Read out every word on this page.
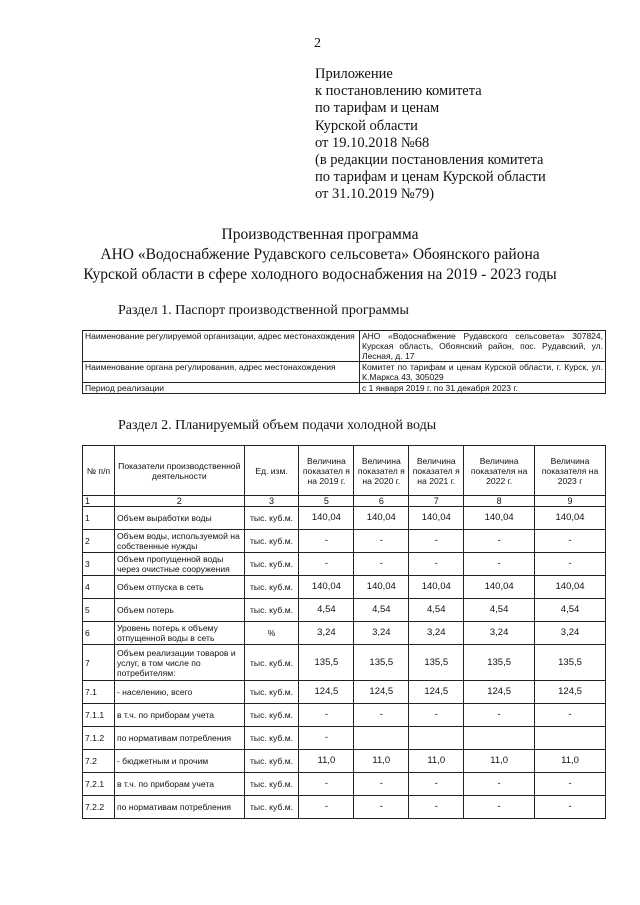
2
Приложение
к постановлению комитета
по тарифам и ценам
Курской области
от 19.10.2018 №68
(в редакции постановления комитета
по тарифам и ценам Курской области
от 31.10.2019 №79)
Производственная программа
АНО «Водоснабжение Рудавского сельсовета» Обоянского района
Курской области в сфере холодного водоснабжения на 2019 - 2023 годы
Раздел 1. Паспорт производственной программы
Наименование регулируемой организации, адрес местонахождения	АНО «Водоснабжение Рудавского сельсовета» 307824, Курская область, Обоянский район, пос. Рудавский, ул. Лесная, д. 17
Наименование органа регулирования, адрес местонахождения	Комитет по тарифам и ценам Курской области, г. Курск, ул. К.Маркса 43, 305029
Период реализации	с 1 января 2019 г. по 31 декабря 2023 г.
Раздел 2. Планируемый объем подачи холодной воды
№ п/п	Показатели производственной деятельности	Ед. изм.	Величина показател я на 2019 г.	Величина показател я на 2020 г.	Величина показател я на 2021 г.	Величина показателя на 2022 г.	Величина показателя на 2023 г
1	2	3	5	6	7	8	9
1	Объем выработки воды	тыс. куб.м.	140,04	140,04	140,04	140,04	140,04
2	Объем воды, используемой на собственные нужды	тыс. куб.м.	-	-	-	-	-
3	Объем пропущенной воды через очистные сооружения	тыс. куб.м.	-	-	-	-	-
4	Объем отпуска в сеть	тыс. куб.м.	140,04	140,04	140,04	140,04	140,04
5	Объем потерь	тыс. куб.м.	4,54	4,54	4,54	4,54	4,54
6	Уровень потерь к объему отпущенной воды в сеть	%	3,24	3,24	3,24	3,24	3,24
7	Объем реализации товаров и услуг, в том числе по потребителям:	тыс. куб.м.	135,5	135,5	135,5	135,5	135,5
7.1	- населению, всего	тыс. куб.м.	124,5	124,5	124,5	124,5	124,5
7.1.1	в т.ч. по приборам учета	тыс. куб.м.	-	-	-	-	-
7.1.2	по нормативам потребления	тыс. куб.м.	-				
7.2	- бюджетным и прочим	тыс. куб.м.	11,0	11,0	11,0	11,0	11,0
7.2.1	в т.ч. по приборам учета	тыс. куб.м.	-	-	-	-	-
7.2.2	по нормативам потребления	тыс. куб.м.	-	-	-	-	-
